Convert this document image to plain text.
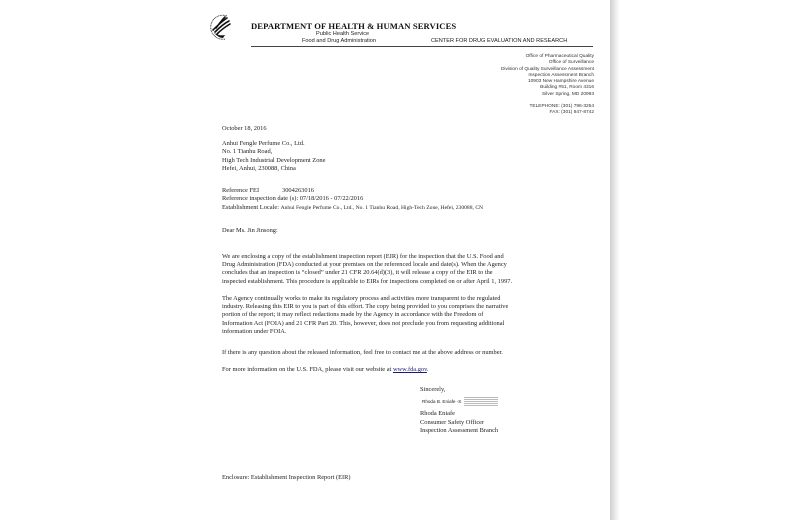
DEPARTMENT OF HEALTH & HUMAN SERVICES
Public Health Service
Food and Drug Administration	CENTER FOR DRUG EVALUATION AND RESEARCH
Office of Pharmaceutical Quality
Office of Surveillance
Division of Quality Surveillance Assessment
Inspection Assessment Branch
10903 New Hampshire Avenue
Building #51, Room 4316
Silver Spring, MD 20993
TELEPHONE: (301) 796-3254
FAX: (301) 847-8742
October 18, 2016
Anhui Fengle Perfume Co., Ltd.
No. 1 Tianhu Road,
High Tech Industrial Development Zone
Hefei, Anhui, 230088, China
Reference FEI	3004263016
Reference inspection date (s): 07/18/2016 - 07/22/2016
Establishment Locale: Anhui Fengle Perfume Co., Ltd., No. 1 Tianhu Road, High-Tech Zone, Hefei, 230088, CN
Dear Ms. Jin Jinsong:

We are enclosing a copy of the establishment inspection report (EIR) for the inspection that the U.S. Food and

Drug Administration (FDA) conducted at your premises on the referenced locale and date(s). When the Agency

concludes that an inspection is “closed” under 21 CFR 20.64(d)(3), it will release a copy of the EIR to the

inspected establishment. This procedure is applicable to EIRs for inspections completed on or after April 1, 1997.

The Agency continually works to make its regulatory process and activities more transparent to the regulated

industry. Releasing this EIR to you is part of this effort. The copy being provided to you comprises the narrative

portion of the report; it may reflect redactions made by the Agency in accordance with the Freedom of

Information Act (FOIA) and 21 CFR Part 20. This, however, does not preclude you from requesting additional

information under FOIA.

If there is any question about the released information, feel free to contact me at the above address or number.

For more information on the U.S. FDA, please visit our website at www.fda.gov.

Sincerely,
Rhoda B. Eniafe -S
Rhoda Eniafe
Consumer Safety Officer
Inspection Assessment Branch
Enclosure: Establishment Inspection Report (EIR)
